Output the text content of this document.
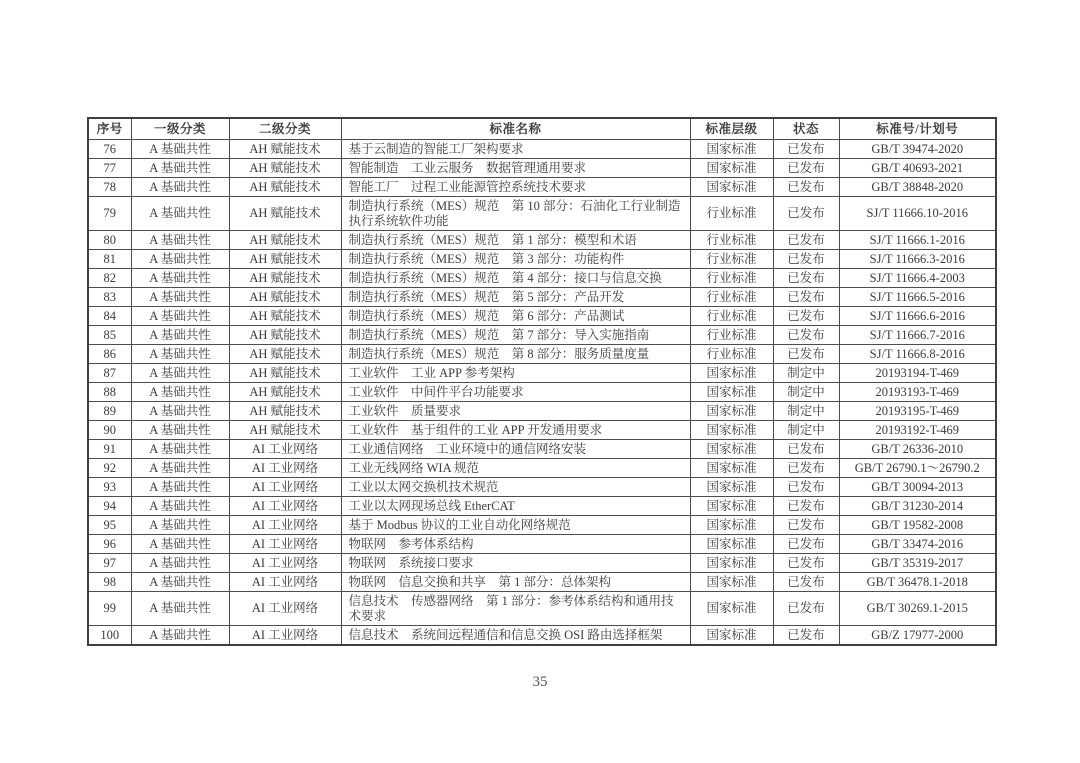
序号	一级分类	二级分类	标准名称	标准层级	状态	标准号/计划号
76	A 基础共性	AH 赋能技术	基于云制造的智能工厂架构要求	国家标准	已发布	GB/T 39474-2020
77	A 基础共性	AH 赋能技术	智能制造　工业云服务　数据管理通用要求	国家标准	已发布	GB/T 40693-2021
78	A 基础共性	AH 赋能技术	智能工厂　过程工业能源管控系统技术要求	国家标准	已发布	GB/T 38848-2020
79	A 基础共性	AH 赋能技术	制造执行系统（MES）规范　第 10 部分：石油化工行业制造执行系统软件功能	行业标准	已发布	SJ/T 11666.10-2016
80	A 基础共性	AH 赋能技术	制造执行系统（MES）规范　第 1 部分：模型和术语	行业标准	已发布	SJ/T 11666.1-2016
81	A 基础共性	AH 赋能技术	制造执行系统（MES）规范　第 3 部分：功能构件	行业标准	已发布	SJ/T 11666.3-2016
82	A 基础共性	AH 赋能技术	制造执行系统（MES）规范　第 4 部分：接口与信息交换	行业标准	已发布	SJ/T 11666.4-2003
83	A 基础共性	AH 赋能技术	制造执行系统（MES）规范　第 5 部分：产品开发	行业标准	已发布	SJ/T 11666.5-2016
84	A 基础共性	AH 赋能技术	制造执行系统（MES）规范　第 6 部分：产品测试	行业标准	已发布	SJ/T 11666.6-2016
85	A 基础共性	AH 赋能技术	制造执行系统（MES）规范　第 7 部分：导入实施指南	行业标准	已发布	SJ/T 11666.7-2016
86	A 基础共性	AH 赋能技术	制造执行系统（MES）规范　第 8 部分：服务质量度量	行业标准	已发布	SJ/T 11666.8-2016
87	A 基础共性	AH 赋能技术	工业软件　工业 APP 参考架构	国家标准	制定中	20193194-T-469
88	A 基础共性	AH 赋能技术	工业软件　中间件平台功能要求	国家标准	制定中	20193193-T-469
89	A 基础共性	AH 赋能技术	工业软件　质量要求	国家标准	制定中	20193195-T-469
90	A 基础共性	AH 赋能技术	工业软件　基于组件的工业 APP 开发通用要求	国家标准	制定中	20193192-T-469
91	A 基础共性	AI 工业网络	工业通信网络　工业环境中的通信网络安装	国家标准	已发布	GB/T 26336-2010
92	A 基础共性	AI 工业网络	工业无线网络 WIA 规范	国家标准	已发布	GB/T 26790.1～26790.2
93	A 基础共性	AI 工业网络	工业以太网交换机技术规范	国家标准	已发布	GB/T 30094-2013
94	A 基础共性	AI 工业网络	工业以太网现场总线 EtherCAT	国家标准	已发布	GB/T 31230-2014
95	A 基础共性	AI 工业网络	基于 Modbus 协议的工业自动化网络规范	国家标准	已发布	GB/T 19582-2008
96	A 基础共性	AI 工业网络	物联网　参考体系结构	国家标准	已发布	GB/T 33474-2016
97	A 基础共性	AI 工业网络	物联网　系统接口要求	国家标准	已发布	GB/T 35319-2017
98	A 基础共性	AI 工业网络	物联网　信息交换和共享　第 1 部分：总体架构	国家标准	已发布	GB/T 36478.1-2018
99	A 基础共性	AI 工业网络	信息技术　传感器网络　第 1 部分：参考体系结构和通用技术要求	国家标准	已发布	GB/T 30269.1-2015
100	A 基础共性	AI 工业网络	信息技术　系统间远程通信和信息交换 OSI 路由选择框架	国家标准	已发布	GB/Z 17977-2000
35
